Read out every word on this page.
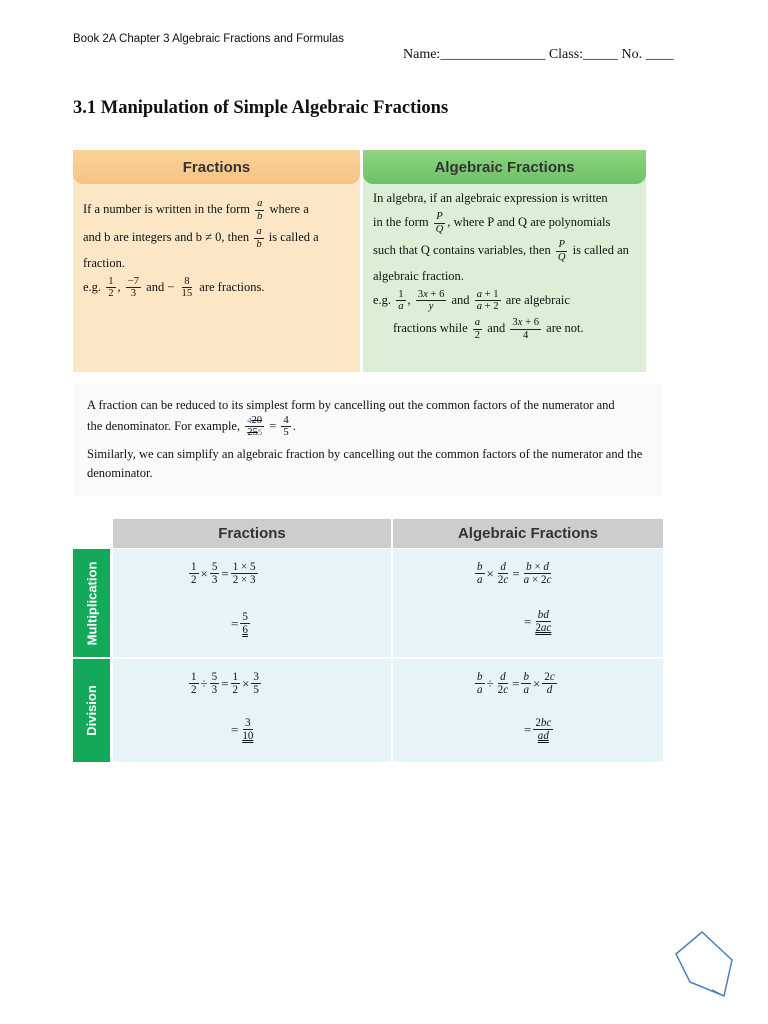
Book 2A Chapter 3 Algebraic Fractions and Formulas
Name:_______________ Class:_____ No. ____
3.1 Manipulation of Simple Algebraic Fractions
Fractions

If a number is written in the form $\frac{a}{b}$ where a

and b are integers and b ≠ 0, then $\frac{a}{b}$ is called a

fraction.

e.g. $\frac{1}{2}$ , $\frac{-7}{3}$ and − $\frac{8}{15}$ are fractions.

Algebraic Fractions

In algebra, if an algebraic expression is written

in the form $\frac{P}{Q}$ , where P and Q are polynomials

such that Q contains variables, then $\frac{P}{Q}$ is called an

algebraic fraction.

e.g. $\frac{1}{a}$ , $\frac{3x + 6}{y}$ and $\frac{a + 1}{a + 2}$ are algebraic

fractions while $\frac{a}{2}$ and $\frac{3x + 6}{4}$ are not.

A fraction can be reduced to its simplest form by cancelling out the common factors of the numerator and
the denominator. For example, $\frac{420}{255} = \frac{4}{5}$ .

Similarly, we can simplify an algebraic fraction by cancelling out the common factors of the numerator and the denominator.

Fractions	Algebraic Fractions
Multiplication
Division
1
2 × 5
3 = 1 × 5
2 × 3
= 5
6
b
a × d
2c = b × d
a × 2c
= bd
2ac
1
2 ÷ 5
3 = 1
2 × 3
5
= 3
10
b
a ÷ d
2c = b
a × 2c
d
= 2bc
ad
